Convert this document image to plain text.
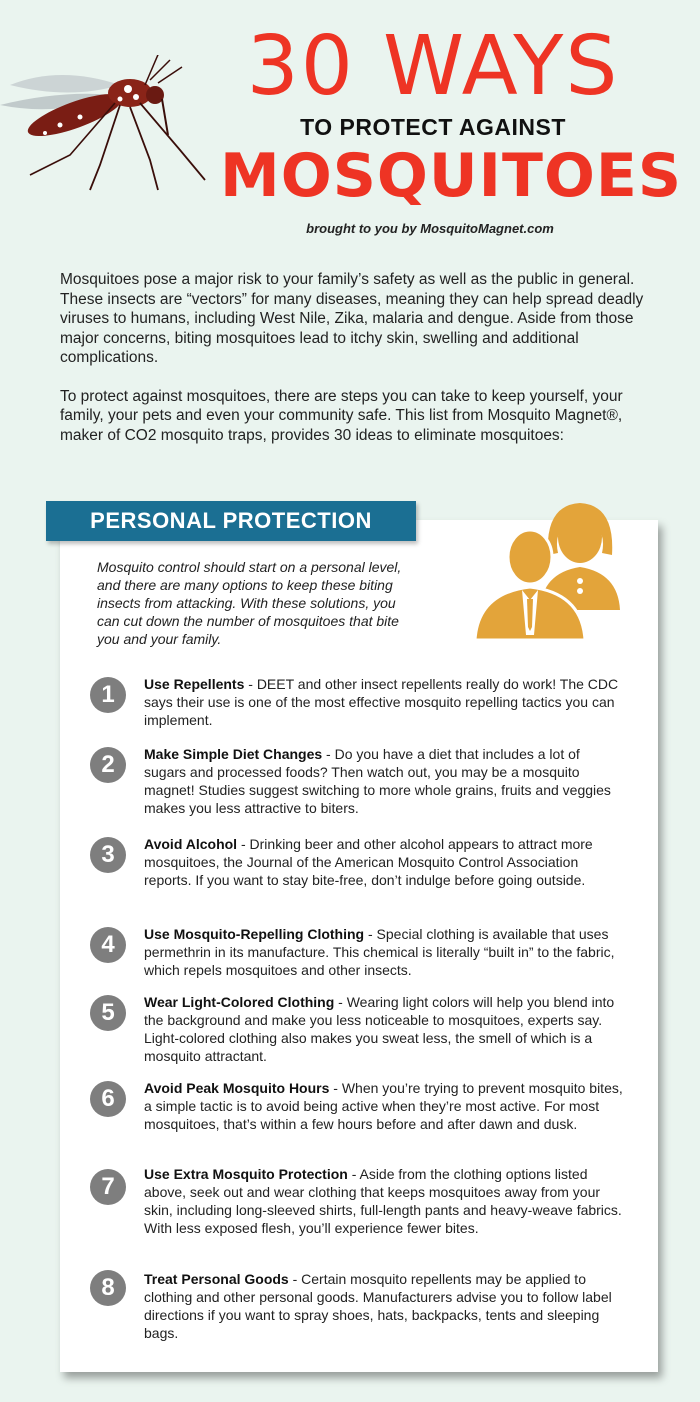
30 WAYS
TO PROTECT AGAINST
MOSQUITOES
brought to you by MosquitoMagnet.com

Mosquitoes pose a major risk to your family’s safety as well as the public in general. These insects are “vectors” for many diseases, meaning they can help spread deadly viruses to humans, including West Nile, Zika, malaria and dengue. Aside from those major concerns, biting mosquitoes lead to itchy skin, swelling and additional complications.

To protect against mosquitoes, there are steps you can take to keep yourself, your family, your pets and even your community safe. This list from Mosquito Magnet®, maker of CO2 mosquito traps, provides 30 ideas to eliminate mosquitoes:

PERSONAL PROTECTION
Mosquito control should start on a personal level, and there are many options to keep these biting insects from attacking. With these solutions, you can cut down the number of mosquitoes that bite you and your family.
1	Use Repellents - DEET and other insect repellents really do work! The CDC says their use is one of the most effective mosquito repelling tactics you can implement.
2	Make Simple Diet Changes - Do you have a diet that includes a lot of sugars and processed foods? Then watch out, you may be a mosquito magnet! Studies suggest switching to more whole grains, fruits and veggies makes you less attractive to biters.
3	Avoid Alcohol - Drinking beer and other alcohol appears to attract more mosquitoes, the Journal of the American Mosquito Control Association reports. If you want to stay bite-free, don’t indulge before going outside.
4	Use Mosquito-Repelling Clothing - Special clothing is available that uses permethrin in its manufacture. This chemical is literally “built in” to the fabric, which repels mosquitoes and other insects.
5	Wear Light-Colored Clothing - Wearing light colors will help you blend into the background and make you less noticeable to mosquitoes, experts say. Light-colored clothing also makes you sweat less, the smell of which is a mosquito attractant.
6	Avoid Peak Mosquito Hours - When you’re trying to prevent mosquito bites, a simple tactic is to avoid being active when they’re most active. For most mosquitoes, that’s within a few hours before and after dawn and dusk.
7	Use Extra Mosquito Protection - Aside from the clothing options listed above, seek out and wear clothing that keeps mosquitoes away from your skin, including long-sleeved shirts, full-length pants and heavy-weave fabrics. With less exposed flesh, you’ll experience fewer bites.
8	Treat Personal Goods - Certain mosquito repellents may be applied to clothing and other personal goods. Manufacturers advise you to follow label directions if you want to spray shoes, hats, backpacks, tents and sleeping bags.
